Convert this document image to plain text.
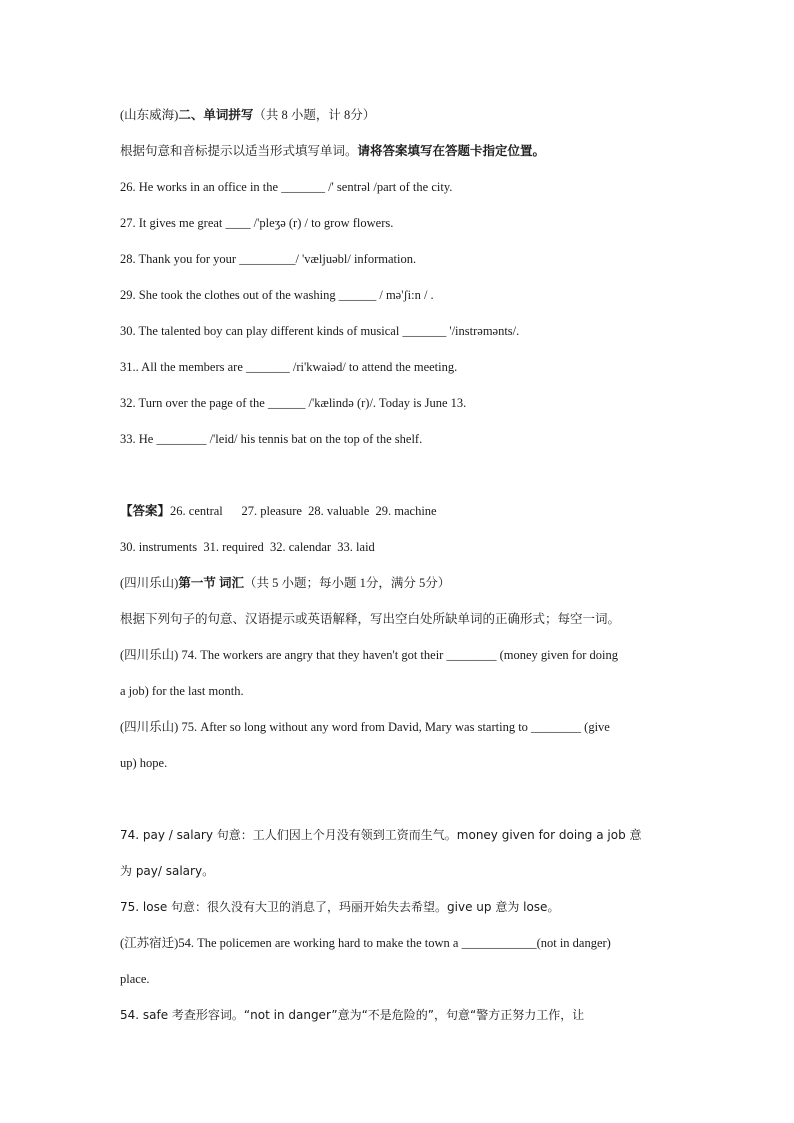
(山东威海)二、单词拼写（共 8 小题，计 8分）
根据句意和音标提示以适当形式填写单词。请将答案填写在答题卡指定位置。
26. He works in an office in the _______ /' sentrəl /part of the city.
27. It gives me great ____ /'pleʒə (r) / to grow flowers.
28. Thank you for your _________/ 'væljuəbl/ information.
29. She took the clothes out of the washing ______ / mə'ʃi:n / .
30. The talented boy can play different kinds of musical _______ '/instrəmənts/.
31.. All the members are _______ /ri'kwaiəd/ to attend the meeting.
32. Turn over the page of the ______ /'kælində (r)/. Today is June 13.
33. He ________ /'leid/ his tennis bat on the top of the shelf.
【答案】26. central      27. pleasure  28. valuable  29. machine
30. instruments  31. required  32. calendar  33. laid
(四川乐山)第一节 词汇（共 5 小题；每小题 1分，满分 5分）
根据下列句子的句意、汉语提示或英语解释，写出空白处所缺单词的正确形式；每空一词。
(四川乐山) 74. The workers are angry that they haven't got their ________ (money given for doing
a job) for the last month.
(四川乐山) 75. After so long without any word from David, Mary was starting to ________ (give
up) hope.
74. pay / salary 句意：工人们因上个月没有领到工资而生气。money given for doing a job 意
为 pay/ salary。
75. lose 句意：很久没有大卫的消息了，玛丽开始失去希望。give up 意为 lose。
(江苏宿迁)54. The policemen are working hard to make the town a ____________(not in danger)
place.
54. safe 考查形容词。“not in danger”意为“不是危险的”，句意“警方正努力工作，让
